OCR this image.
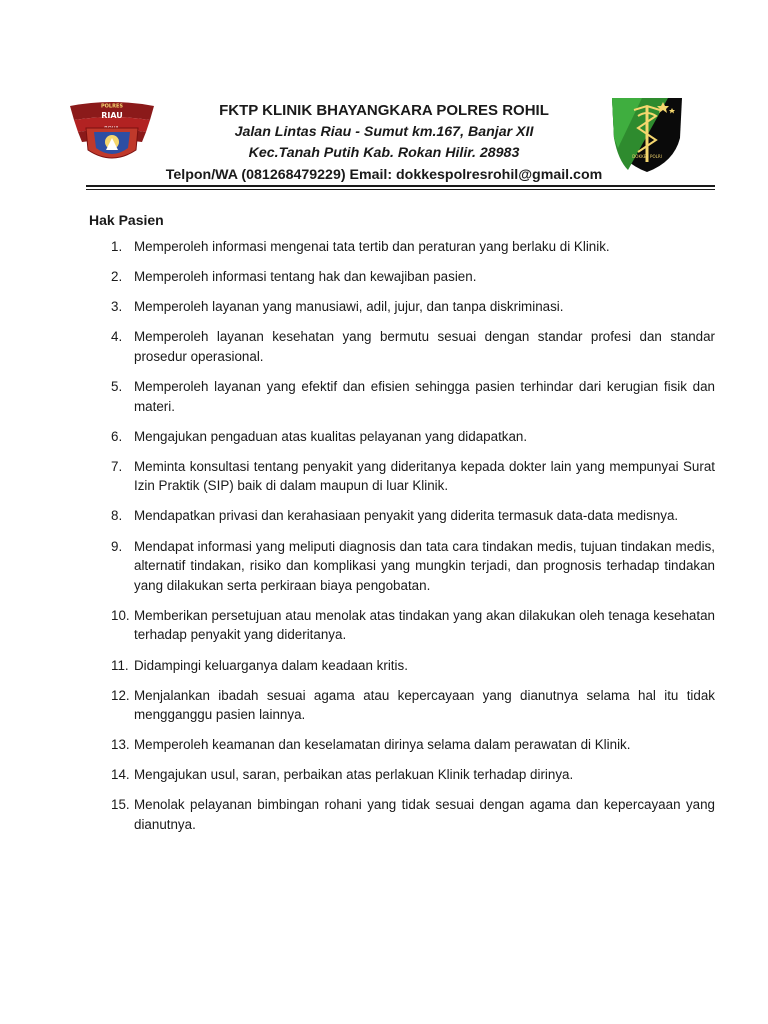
POLRES
RIAU	FKTP KLINIK BHAYANGKARA POLRES ROHIL
Jalan Lintas Riau - Sumut km.167, Banjar XII
Kec.Tanah Putih Kab. Rokan Hilir. 28983
Telpon/WA (081268479229) Email: dokkespolresrohil@gmail.com
DOKKES POLRI
Hak Pasien
1. Memperoleh informasi mengenai tata tertib dan peraturan yang berlaku di Klinik.
2. Memperoleh informasi tentang hak dan kewajiban pasien.
3. Memperoleh layanan yang manusiawi, adil, jujur, dan tanpa diskriminasi.
4. Memperoleh layanan kesehatan yang bermutu sesuai dengan standar profesi dan standar prosedur operasional.
5. Memperoleh layanan yang efektif dan efisien sehingga pasien terhindar dari kerugian fisik dan materi.
6. Mengajukan pengaduan atas kualitas pelayanan yang didapatkan.
7. Meminta konsultasi tentang penyakit yang dideritanya kepada dokter lain yang mempunyai Surat Izin Praktik (SIP) baik di dalam maupun di luar Klinik.
8. Mendapatkan privasi dan kerahasiaan penyakit yang diderita termasuk data-data medisnya.
9. Mendapat informasi yang meliputi diagnosis dan tata cara tindakan medis, tujuan tindakan medis, alternatif tindakan, risiko dan komplikasi yang mungkin terjadi, dan prognosis terhadap tindakan yang dilakukan serta perkiraan biaya pengobatan.
10. Memberikan persetujuan atau menolak atas tindakan yang akan dilakukan oleh tenaga kesehatan terhadap penyakit yang dideritanya.
11. Didampingi keluarganya dalam keadaan kritis.
12. Menjalankan ibadah sesuai agama atau kepercayaan yang dianutnya selama hal itu tidak mengganggu pasien lainnya.
13. Memperoleh keamanan dan keselamatan dirinya selama dalam perawatan di Klinik.
14. Mengajukan usul, saran, perbaikan atas perlakuan Klinik terhadap dirinya.
15. Menolak pelayanan bimbingan rohani yang tidak sesuai dengan agama dan kepercayaan yang dianutnya.
